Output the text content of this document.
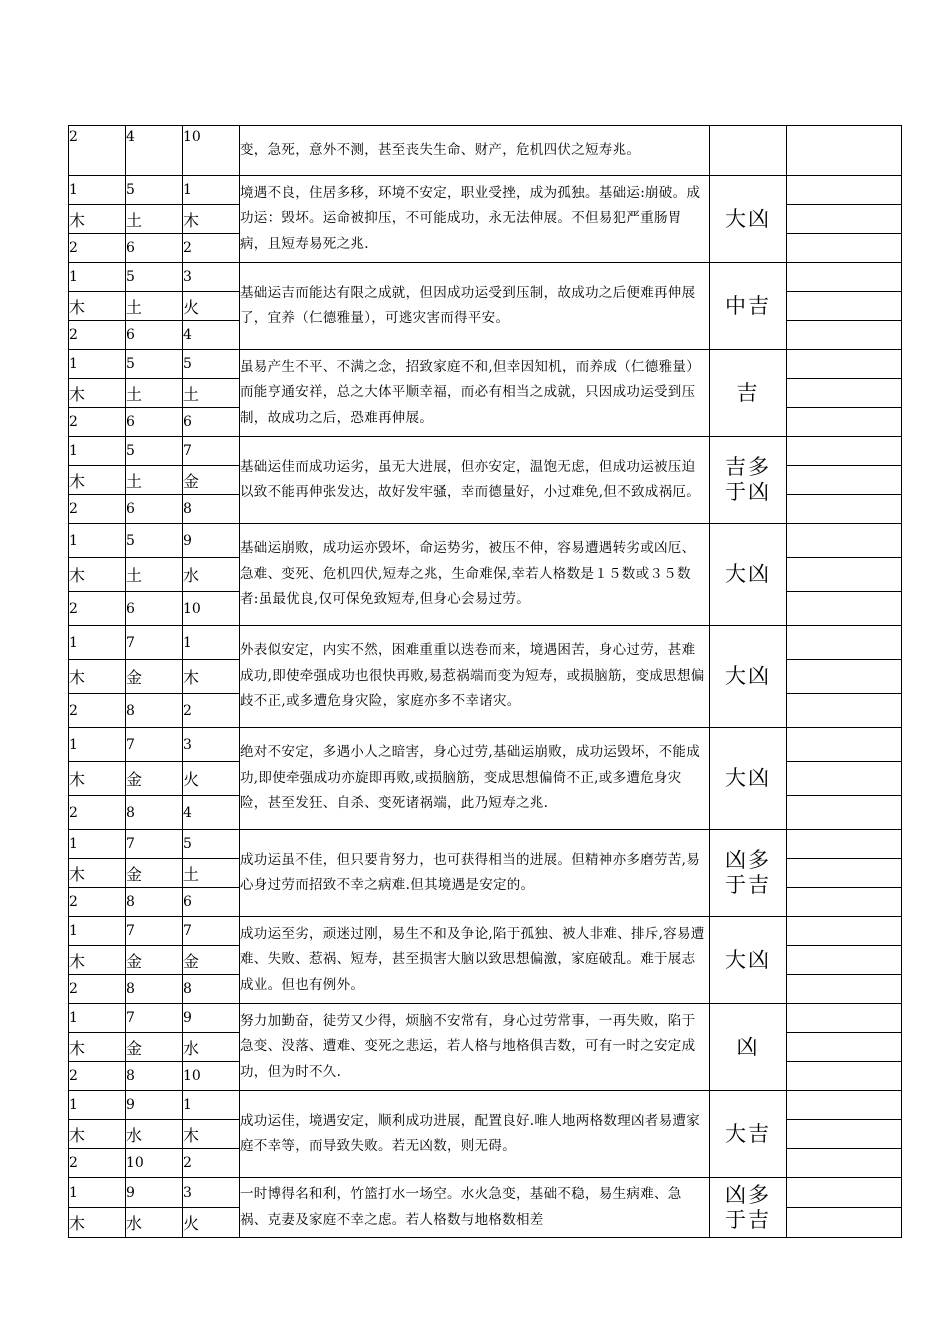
2	4	10	变，急死，意外不测，甚至丧失生命、财产，危机四伏之短寿兆。		
1	5	1	境遇不良，住居多移，环境不安定，职业受挫，成为孤独。基础运:崩破。成功运：毁坏。运命被抑压，不可能成功，永无法伸展。不但易犯严重肠胃病，且短寿易死之兆.	大凶	
木	土	木			
2	6	2			
1	5	3	基础运吉而能达有限之成就，但因成功运受到压制，故成功之后便难再伸展了，宜养（仁德雅量），可逃灾害而得平安。	中吉	
木	土	火			
2	6	4			
1	5	5	虽易产生不平、不满之念，招致家庭不和,但幸因知机，而养成（仁德雅量）而能亨通安祥，总之大体平顺幸福，而必有相当之成就，只因成功运受到压制，故成功之后，恐难再伸展。	吉	
木	土	土			
2	6	6			
1	5	7	基础运佳而成功运劣，虽无大进展，但亦安定，温饱无虑，但成功运被压迫以致不能再伸张发达，故好发牢骚，幸而德量好，小过难免,但不致成祸厄。	吉多于凶	
木	土	金			
2	6	8			
1	5	9	基础运崩败，成功运亦毁坏，命运势劣，被压不伸，容易遭遇转劣或凶厄、急难、变死、危机四伏,短寿之兆，生命难保,幸若人格数是１５数或３５数者:虽最优良,仅可保免致短寿,但身心会易过劳。	大凶	
木	土	水			
2	6	10			
1	7	1	外表似安定，内实不然，困难重重以迭卷而来，境遇困苦，身心过劳，甚难成功,即使牵强成功也很快再败,易惹祸端而变为短寿，或损脑筋，变成思想偏歧不正,或多遭危身灾险，家庭亦多不幸诸灾。	大凶	
木	金	木			
2	8	2			
1	7	3	绝对不安定，多遇小人之暗害，身心过劳,基础运崩败，成功运毁坏，不能成功,即使牵强成功亦旋即再败,或损脑筋，变成思想偏倚不正,或多遭危身灾险，甚至发狂、自杀、变死诸祸端，此乃短寿之兆.	大凶	
木	金	火			
2	8	4			
1	7	5	成功运虽不佳，但只要肯努力，也可获得相当的进展。但精神亦多磨劳苦,易心身过劳而招致不幸之病难.但其境遇是安定的。	凶多于吉	
木	金	土			
2	8	6			
1	7	7	成功运至劣，顽迷过刚，易生不和及争论,陷于孤独、被人非难、排斥,容易遭难、失败、惹祸、短寿，甚至损害大脑以致思想偏激，家庭破乱。难于展志成业。但也有例外。	大凶	
木	金	金			
2	8	8			
1	7	9	努力加勤奋，徒劳又少得，烦脑不安常有，身心过劳常事，一再失败，陷于急变、没落、遭难、变死之悲运，若人格与地格俱吉数，可有一时之安定成功，但为时不久.	凶	
木	金	水			
2	8	10			
1	9	1	成功运佳，境遇安定，顺利成功进展，配置良好.唯人地两格数理凶者易遭家庭不幸等，而导致失败。若无凶数，则无碍。	大吉	
木	水	木			
2	10	2			
1	9	3	一时博得名和利，竹篮打水一场空。水火急变，基础不稳，易生病难、急祸、克妻及家庭不幸之虑。若人格数与地格数相差	凶多于吉	
木	水	火			
